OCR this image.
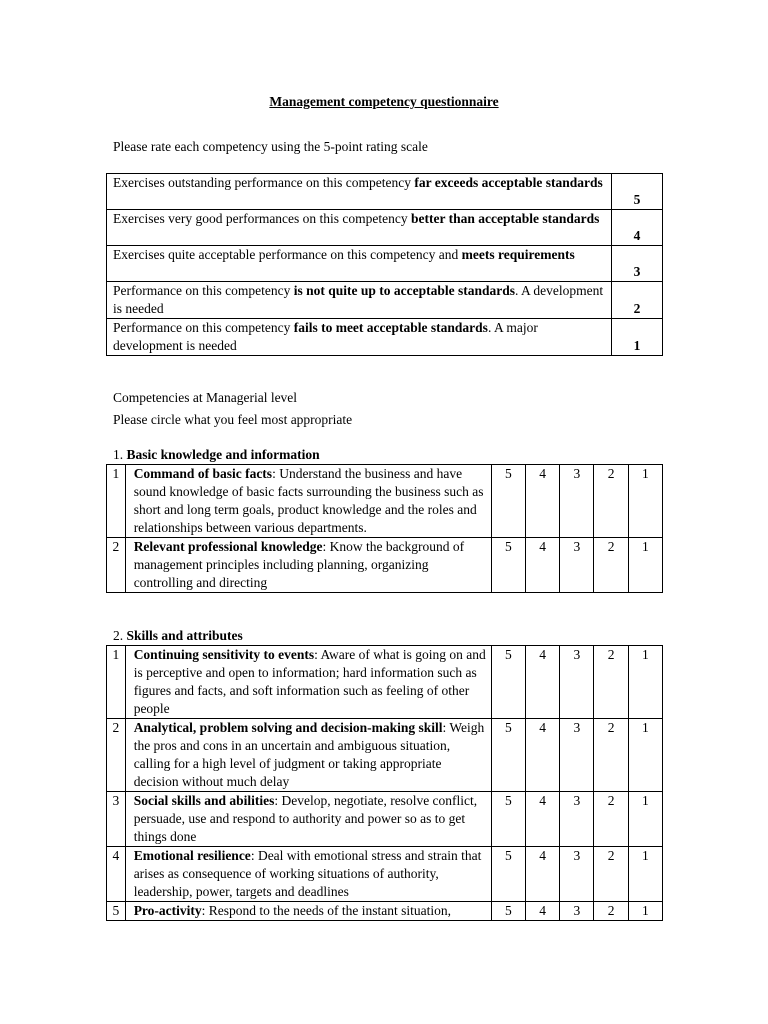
Management competency questionnaire
Please rate each competency using the 5-point rating scale
Exercises outstanding performance on this competency far exceeds acceptable standards	5
Exercises very good performances on this competency better than acceptable standards	4
Exercises quite acceptable performance on this competency and meets requirements	3
Performance on this competency is not quite up to acceptable standards. A development is needed	2
Performance on this competency fails to meet acceptable standards. A major development is needed	1
Competencies at Managerial level
Please circle what you feel most appropriate
1. Basic knowledge and information
1	Command of basic facts: Understand the business and have sound knowledge of basic facts surrounding the business such as short and long term goals, product knowledge and the roles and relationships between various departments.	5	4	3	2	1
2	Relevant professional knowledge: Know the background of management principles including planning, organizing controlling and directing	5	4	3	2	1
2. Skills and attributes
1	Continuing sensitivity to events: Aware of what is going on and is perceptive and open to information; hard information such as figures and facts, and soft information such as feeling of other people	5	4	3	2	1
2	Analytical, problem solving and decision-making skill: Weigh the pros and cons in an uncertain and ambiguous situation, calling for a high level of judgment or taking appropriate decision without much delay	5	4	3	2	1
3	Social skills and abilities: Develop, negotiate, resolve conflict, persuade, use and respond to authority and power so as to get things done	5	4	3	2	1
4	Emotional resilience: Deal with emotional stress and strain that arises as consequence of working situations of authority, leadership, power, targets and deadlines	5	4	3	2	1
5	Pro-activity: Respond to the needs of the instant situation,	5	4	3	2	1
